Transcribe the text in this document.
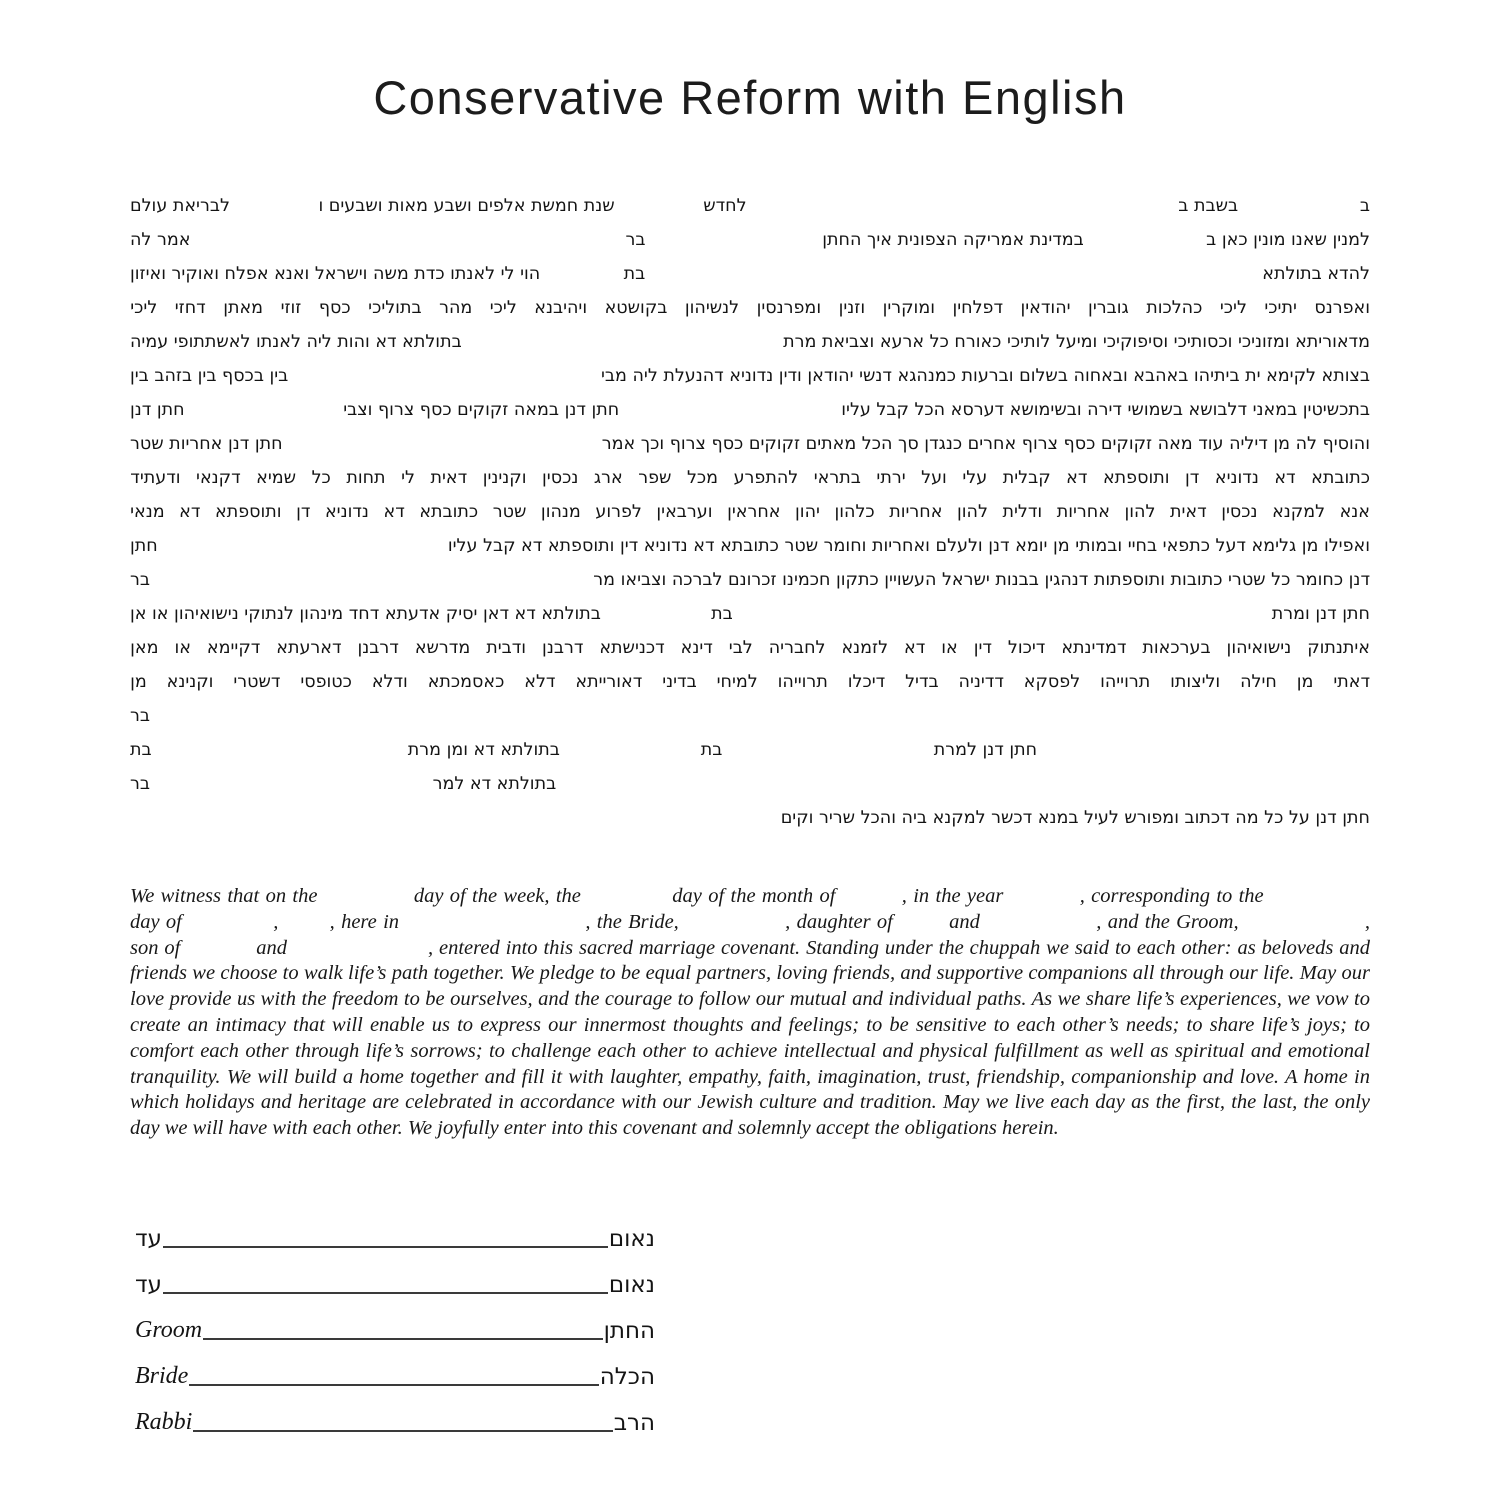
Conservative Reform with English
ב
בשבת ב
לחדש
שנת חמשת אלפים ושבע מאות ושבעים ו
לבריאת עולם
למנין שאנו מונין כאן ב
במדינת אמריקה הצפונית איך החתן
בר
אמר לה
להדא בתולתא
בת
הוי לי לאנתו כדת משה וישראל ואנא אפלח ואוקיר ואיזון
ואפרנס
יתיכי
ליכי
כהלכות
גוברין
יהודאין
דפלחין
ומוקרין
וזנין
ומפרנסין
לנשיהון
בקושטא
ויהיבנא
ליכי
מהר
בתוליכי
כסף
זוזי
מאתן
דחזי
ליכי
מדאוריתא ומזוניכי וכסותיכי וסיפוקיכי ומיעל לותיכי כאורח כל ארעא וצביאת מרת
בתולתא דא והות ליה לאנתו לאשתתופי עמיה
בצותא לקימא ית ביתיהו באהבא ובאחוה בשלום וברעות כמנהגא דנשי יהודאן ודין נדוניא דהנעלת ליה מבי
בין בכסף בין בזהב בין
בתכשיטין במאני דלבושא בשמושי דירה ובשימושא דערסא הכל קבל עליו
חתן דנן במאה זקוקים כסף צרוף וצבי
חתן דנן
והוסיף לה מן דיליה עוד מאה זקוקים כסף צרוף אחרים כנגדן סך הכל מאתים זקוקים כסף צרוף וכך אמר
חתן דנן אחריות שטר
כתובתא
דא
נדוניא
דן
ותוספתא
דא
קבלית
עלי
ועל
ירתי
בתראי
להתפרע
מכל
שפר
ארג
נכסין
וקנינין
דאית
לי
תחות
כל
שמיא
דקנאי
ודעתיד
אנא
למקנא
נכסין
דאית
להון
אחריות
ודלית
להון
אחריות
כלהון
יהון
אחראין
וערבאין
לפרוע
מנהון
שטר
כתובתא
דא
נדוניא
דן
ותוספתא
דא
מנאי
ואפילו מן גלימא דעל כתפאי בחיי ובמותי מן יומא דנן ולעלם ואחריות וחומר שטר כתובתא דא נדוניא דין ותוספתא דא קבל עליו
חתן
דנן כחומר כל שטרי כתובות ותוספתות דנהגין בבנות ישראל העשויין כתקון חכמינו זכרונם לברכה וצביאו מר
בר
חתן דנן ומרת
בת
בתולתא דא דאן יסיק אדעתא דחד מינהון לנתוקי נישואיהון או אן
איתנתוק
נישואיהון
בערכאות
דמדינתא
דיכול
דין
או
דא
לזמנא
לחבריה
לבי
דינא
דכנישתא
דרבנן
ודבית
מדרשא
דרבנן
דארעתא
דקיימא
או
מאן
דאתי
מן
חילה
וליצותו
תרוייהו
לפסקא
דדיניה
בדיל
דיכלו
תרוייהו
למיחי
בדיני
דאורייתא
דלא
כאסמכתא
ודלא
כטופסי
דשטרי
וקנינא
מן
בר
חתן דנן למרת
בת
בתולתא דא ומן מרת
בת
בתולתא דא למר
בר
חתן דנן על כל מה דכתוב ומפורש לעיל במנא דכשר למקנא ביה והכל שריר וקים
We witness that on the	day of the week, the	day of the month of	, in the year	, corresponding to the day of	, , here in	, the Bride,	, daughter of and	, and the Groom,	, son of	and	, entered into this sacred marriage covenant. Standing under the chuppah we said to each other: as beloveds and friends we choose to walk life’s path together. We pledge to be equal partners, loving friends, and supportive companions all through our life. May our love provide us with the freedom to be ourselves, and the courage to follow our mutual and individual paths. As we share life’s experiences, we vow to create an intimacy that will enable us to express our innermost thoughts and feelings; to be sensitive to each other’s needs; to share life’s joys; to comfort each other through life’s sorrows; to challenge each other to achieve intellectual and physical fulfillment as well as spiritual and emotional tranquility. We will build a home together and fill it with laughter, empathy, faith, imagination, trust, friendship, companionship and love. A home in which holidays and heritage are celebrated in accordance with our Jewish culture and tradition. May we live each day as the first, the last, the only day we will have with each other. We joyfully enter into this covenant and solemnly accept the obligations herein.
עד	נאום
עד	נאום
Groom	החתן
Bride	הכלה
Rabbi	הרב
